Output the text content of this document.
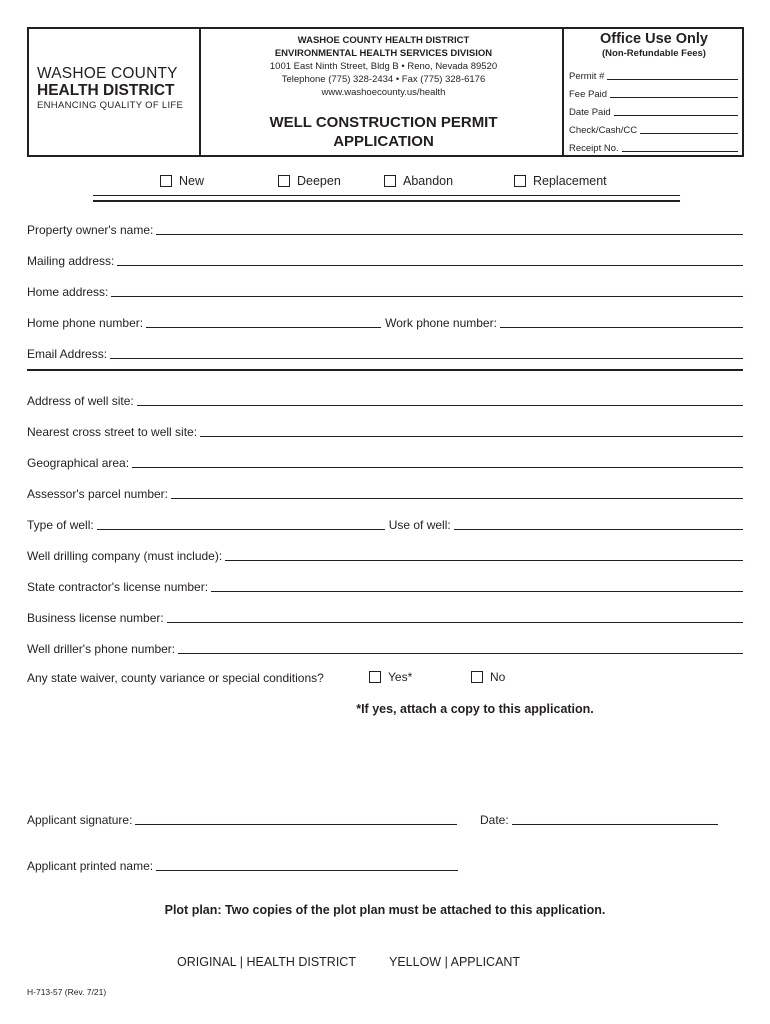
WASHOE COUNTY
HEALTH DISTRICT
ENHANCING QUALITY OF LIFE
WASHOE COUNTY HEALTH DISTRICT
ENVIRONMENTAL HEALTH SERVICES DIVISION
1001 East Ninth Street, Bldg B • Reno, Nevada 89520
Telephone (775) 328-2434 • Fax (775) 328-6176
www.washoecounty.us/health
WELL CONSTRUCTION PERMIT
APPLICATION
Office Use Only
(Non-Refundable Fees)
Permit #
Fee Paid
Date Paid
Check/Cash/CC
Receipt No.
New	Deepen	Abandon	Replacement
Property owner's name:
Mailing address:
Home address:
Home phone number:	Work phone number:
Email Address:
Address of well site:
Nearest cross street to well site:
Geographical area:
Assessor's parcel number:
Type of well:	Use of well:
Well drilling company (must include):
State contractor's license number:
Business license number:
Well driller's phone number:
Any state waiver, county variance or special conditions?	Yes*	No
*If yes, attach a copy to this application.
Applicant signature:	Date:
Applicant printed name:
Plot plan: Two copies of the plot plan must be attached to this application.
ORIGINAL | HEALTH DISTRICT	YELLOW | APPLICANT
H-713-57 (Rev. 7/21)
